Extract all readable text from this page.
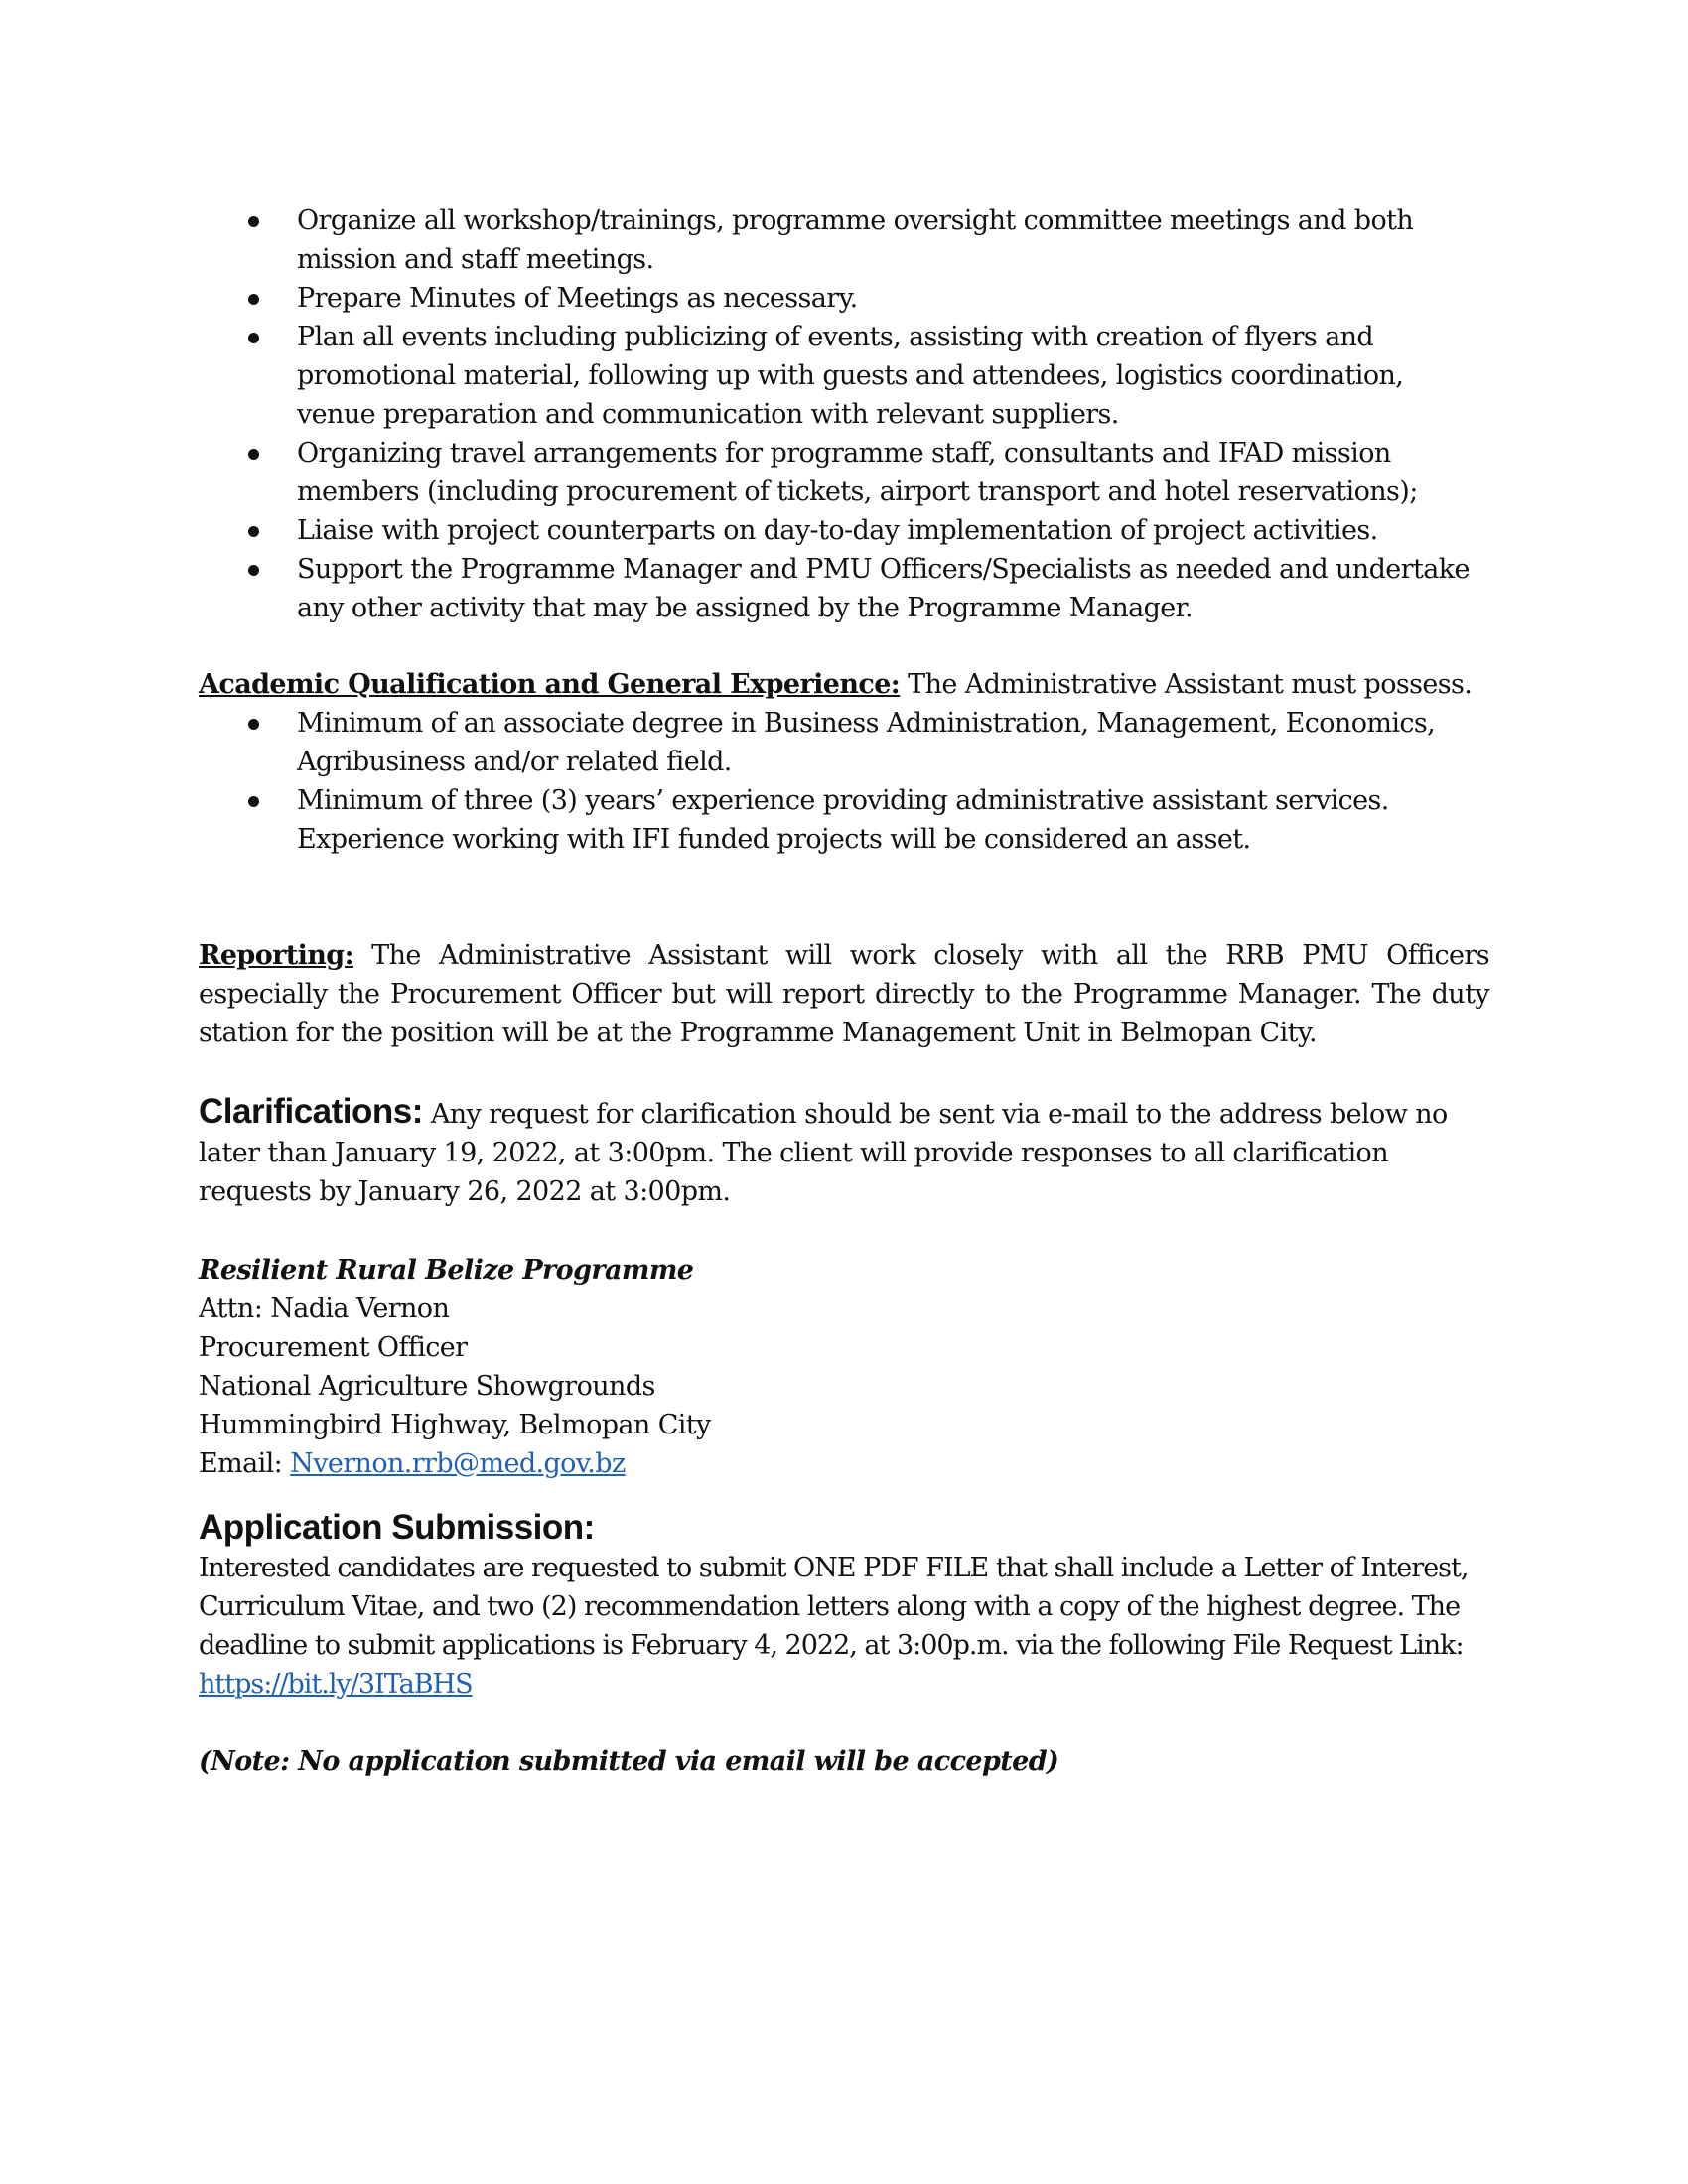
Organize all workshop/trainings, programme oversight committee meetings and both mission and staff meetings.
Prepare Minutes of Meetings as necessary.
Plan all events including publicizing of events, assisting with creation of flyers and promotional material, following up with guests and attendees, logistics coordination, venue preparation and communication with relevant suppliers.
Organizing travel arrangements for programme staff, consultants and IFAD mission members (including procurement of tickets, airport transport and hotel reservations);
Liaise with project counterparts on day-to-day implementation of project activities.
Support the Programme Manager and PMU Officers/Specialists as needed and undertake any other activity that may be assigned by the Programme Manager.

Academic Qualification and General Experience: The Administrative Assistant must possess.

Minimum of an associate degree in Business Administration, Management, Economics, Agribusiness and/or related field.
Minimum of three (3) years’ experience providing administrative assistant services. Experience working with IFI funded projects will be considered an asset.

Reporting: The Administrative Assistant will work closely with all the RRB PMU Officers especially the Procurement Officer but will report directly to the Programme Manager. The duty station for the position will be at the Programme Management Unit in Belmopan City.

Clarifications: Any request for clarification should be sent via e-mail to the address below no later than January 19, 2022, at 3:00pm. The client will provide responses to all clarification requests by January 26, 2022 at 3:00pm.

Resilient Rural Belize Programme

Attn: Nadia Vernon

Procurement Officer

National Agriculture Showgrounds

Hummingbird Highway, Belmopan City

Email: Nvernon.rrb@med.gov.bz

Application Submission:

Interested candidates are requested to submit ONE PDF FILE that shall include a Letter of Interest, Curriculum Vitae, and two (2) recommendation letters along with a copy of the highest degree. The deadline to submit applications is February 4, 2022, at 3:00p.m. via the following File Request Link: https://bit.ly/3ITaBHS

(Note: No application submitted via email will be accepted)
